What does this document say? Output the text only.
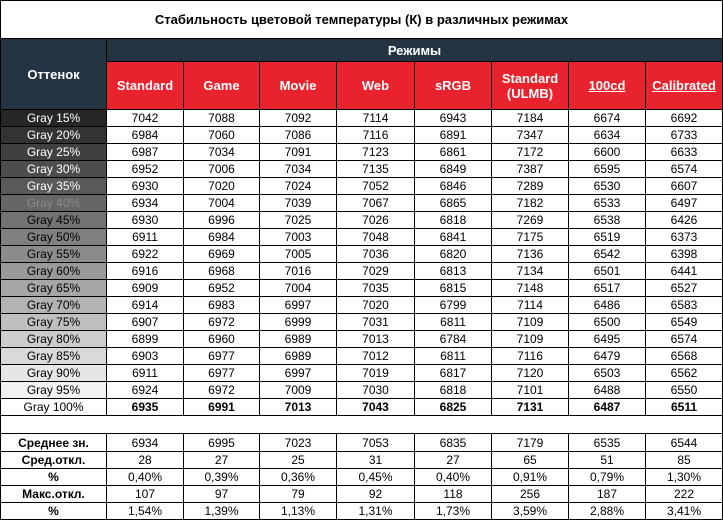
Стабильность цветовой температуры (К) в различных режимах								
Оттенок	Режимы							
	Standard	Game	Movie	Web	sRGB	Standard (ULMB)	100cd	Calibrated
Gray 15%	7042	7088	7092	7114	6943	7184	6674	6692
Gray 20%	6984	7060	7086	7116	6891	7347	6634	6733
Gray 25%	6987	7034	7091	7123	6861	7172	6600	6633
Gray 30%	6952	7006	7034	7135	6849	7387	6595	6574
Gray 35%	6930	7020	7024	7052	6846	7289	6530	6607
Gray 40%	6934	7004	7039	7067	6865	7182	6533	6497
Gray 45%	6930	6996	7025	7026	6818	7269	6538	6426
Gray 50%	6911	6984	7003	7048	6841	7175	6519	6373
Gray 55%	6922	6969	7005	7036	6820	7136	6542	6398
Gray 60%	6916	6968	7016	7029	6813	7134	6501	6441
Gray 65%	6909	6952	7004	7035	6815	7148	6517	6527
Gray 70%	6914	6983	6997	7020	6799	7114	6486	6583
Gray 75%	6907	6972	6999	7031	6811	7109	6500	6549
Gray 80%	6899	6960	6989	7013	6784	7109	6495	6574
Gray 85%	6903	6977	6989	7012	6811	7116	6479	6568
Gray 90%	6911	6977	6997	7019	6817	7120	6503	6562
Gray 95%	6924	6972	7009	7030	6818	7101	6488	6550
Gray 100%	6935	6991	7013	7043	6825	7131	6487	6511

Среднее зн.	6934	6995	7023	7053	6835	7179	6535	6544
Сред.откл.	28	27	25	31	27	65	51	85
%	0,40%	0,39%	0,36%	0,45%	0,40%	0,91%	0,79%	1,30%
Макс.откл.	107	97	79	92	118	256	187	222
%	1,54%	1,39%	1,13%	1,31%	1,73%	3,59%	2,88%	3,41%
